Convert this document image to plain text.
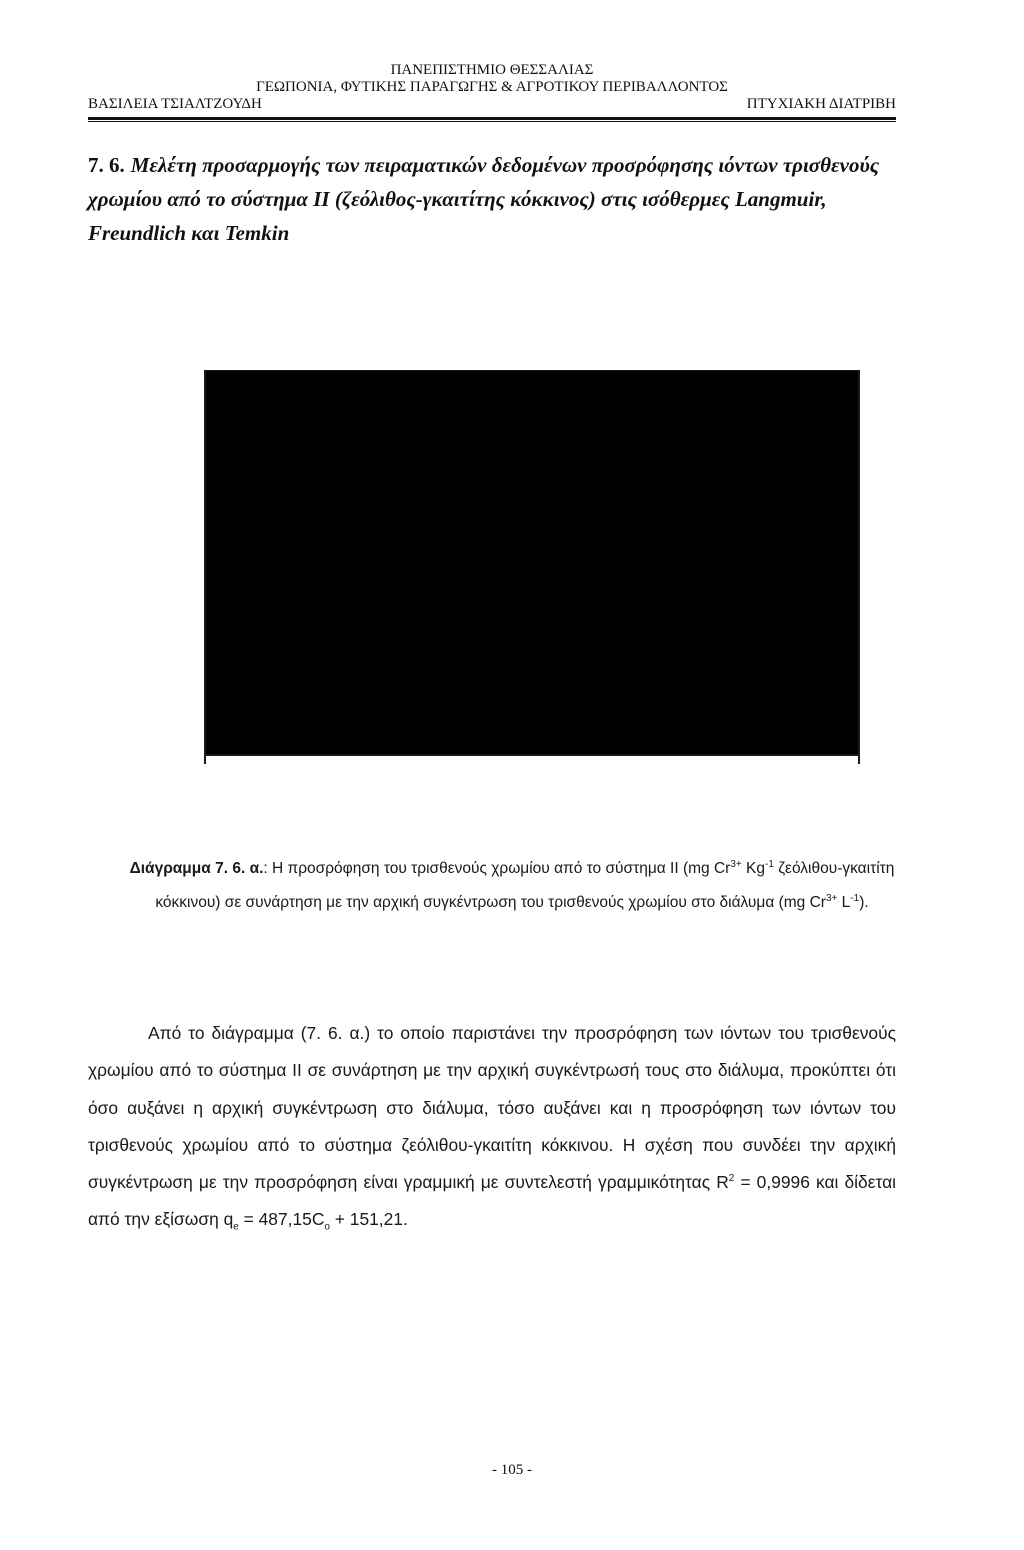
ΠΑΝΕΠΙΣΤΗΜΙΟ ΘΕΣΣΑΛΙΑΣ
ΓΕΩΠΟΝΙΑ, ΦΥΤΙΚΗΣ ΠΑΡΑΓΩΓΗΣ & ΑΓΡΟΤΙΚΟΥ ΠΕΡΙΒΑΛΛΟΝΤΟΣ
ΒΑΣΙΛΕΙΑ ΤΣΙΑΛΤΖΟΥΔΗ	ΠΤΥΧΙΑΚΗ ΔΙΑΤΡΙΒΗ
7. 6. Μελέτη προσαρμογής των πειραματικών δεδομένων προσρόφησης ιόντων τρισθενούς χρωμίου από το σύστημα II (ζεόλιθος-γκαιτίτης κόκκινος) στις ισόθερμες Langmuir, Freundlich και Temkin
Διάγραμμα 7. 6. α.: Η προσρόφηση του τρισθενούς χρωμίου από το σύστημα II (mg $Cr^{3+}$ $Kg^{-1}$ ζεόλιθου-γκαιτίτη κόκκινου) σε συνάρτηση με την αρχική συγκέντρωση του τρισθενούς χρωμίου στο διάλυμα (mg $Cr^{3+}$ $L^{-1}$).

Από το διάγραμμα (7. 6. α.) το οποίο παριστάνει την προσρόφηση των ιόντων του τρισθενούς χρωμίου από το σύστημα II σε συνάρτηση με την αρχική συγκέντρωσή τους στο διάλυμα, προκύπτει ότι όσο αυξάνει η αρχική συγκέντρωση στο διάλυμα, τόσο αυξάνει και η προσρόφηση των ιόντων του τρισθενούς χρωμίου από το σύστημα ζεόλιθου-γκαιτίτη κόκκινου. Η σχέση που συνδέει την αρχική συγκέντρωση με την προσρόφηση είναι γραμμική με συντελεστή γραμμικότητας $R^2 = 0,9996$ και δίδεται από την εξίσωση $q_e = 487,15C_o + 151,21$.

- 105 -
